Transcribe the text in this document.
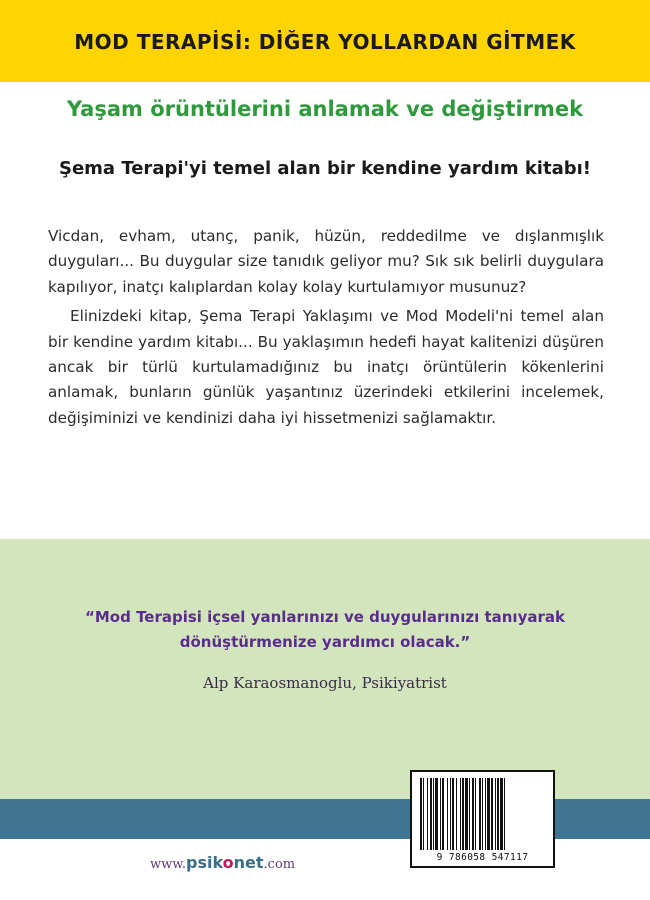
MOD TERAPİSİ: DİĞER YOLLARDAN GİTMEK
Yaşam örüntülerini anlamak ve değiştirmek
Şema Terapi'yi temel alan bir kendine yardım kitabı!

Vicdan, evham, utanç, panik, hüzün, reddedilme ve dışlanmışlık duyguları... Bu duygular size tanıdık geliyor mu? Sık sık belirli duygulara kapılıyor, inatçı kalıplardan kolay kolay kurtulamıyor musunuz?

Elinizdeki kitap, Şema Terapi Yaklaşımı ve Mod Modeli'ni temel alan bir kendine yardım kitabı... Bu yaklaşımın hedefi hayat kalitenizi düşüren ancak bir türlü kurtulamadığınız bu inatçı örüntülerin kökenlerini anlamak, bunların günlük yaşantınız üzerindeki etkilerini incelemek, değişiminizi ve kendinizi daha iyi hissetmenizi sağlamaktır.

“Mod Terapisi içsel yanlarınızı ve duygularınızı tanıyarak dönüştürmenize yardımcı olacak.”
Alp Karaosmanoglu, Psikiyatrist
www.psikonet.com	9 786058 547117
